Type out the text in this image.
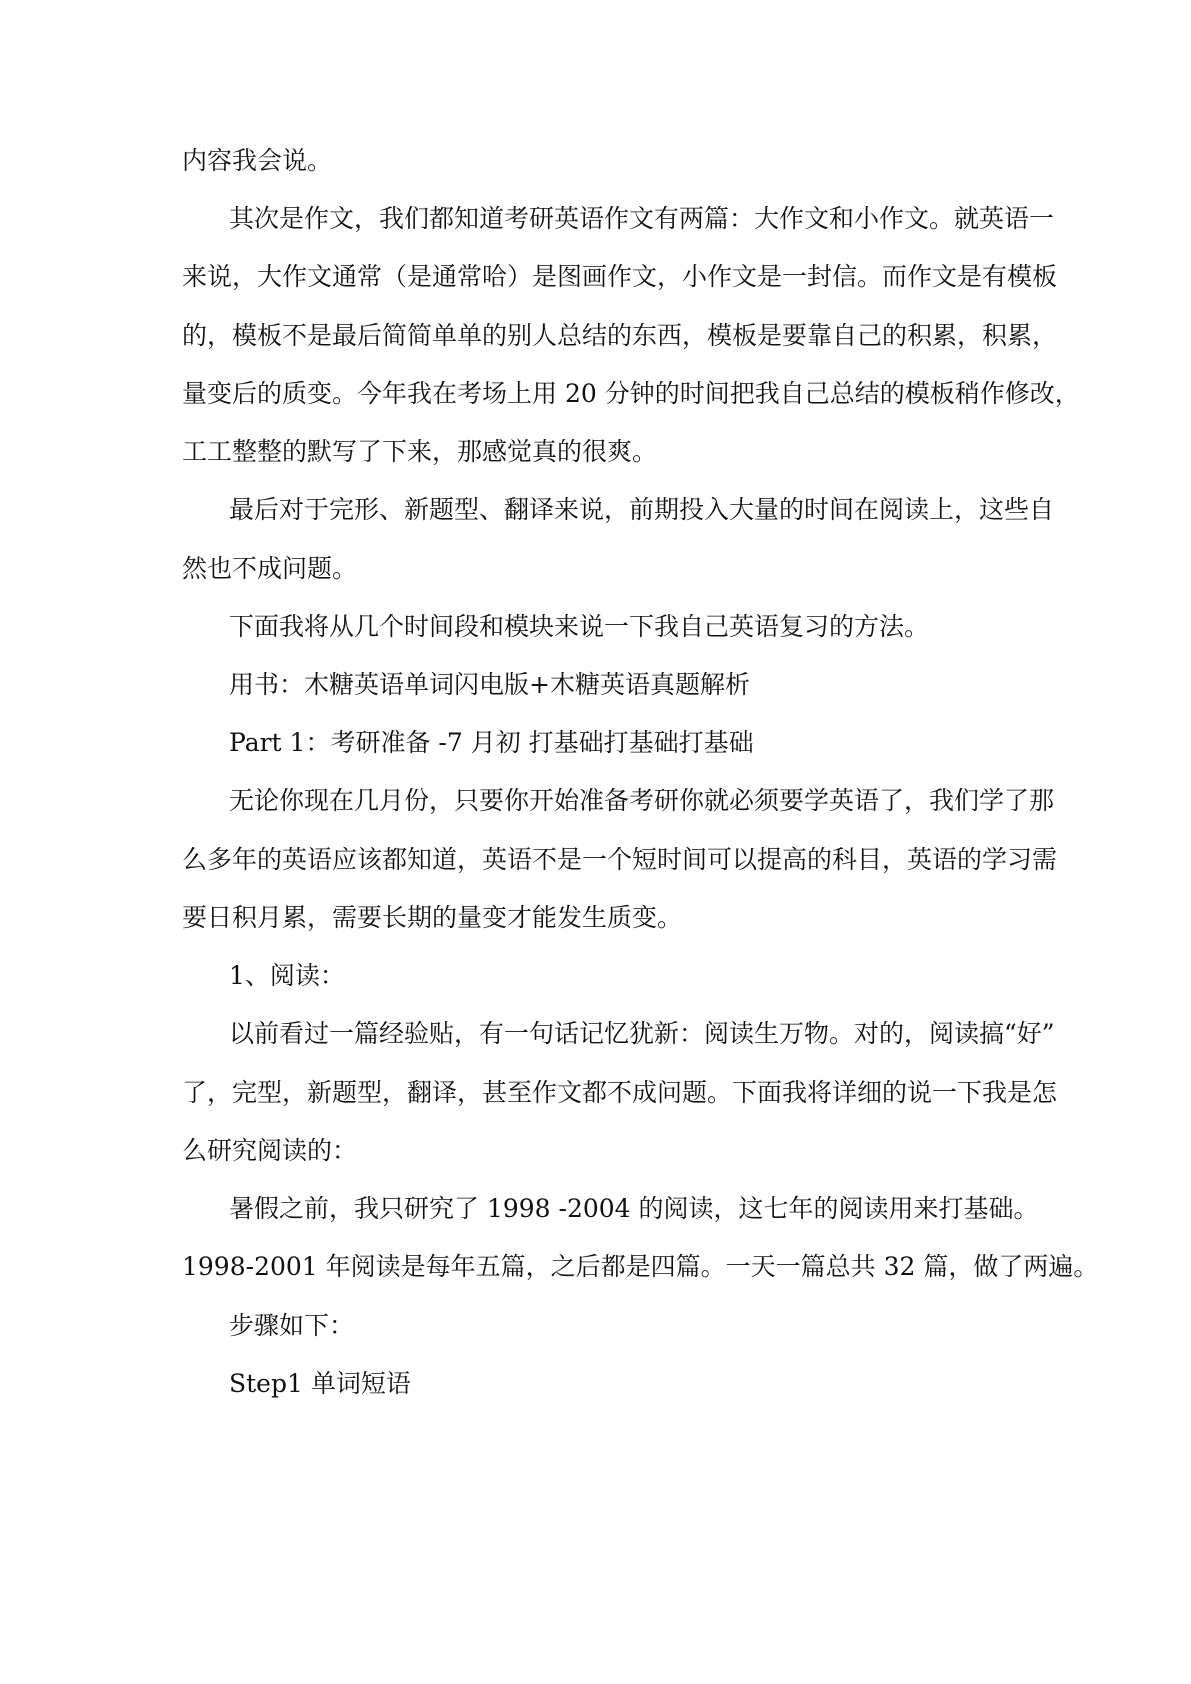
内容我会说。

其次是作文，我们都知道考研英语作文有两篇：大作文和小作文。就英语一

来说，大作文通常（是通常哈）是图画作文，小作文是一封信。而作文是有模板

的，模板不是最后简简单单的别人总结的东西，模板是要靠自己的积累，积累，

量变后的质变。今年我在考场上用 20 分钟的时间把我自己总结的模板稍作修改，

工工整整的默写了下来，那感觉真的很爽。

最后对于完形、新题型、翻译来说，前期投入大量的时间在阅读上，这些自

然也不成问题。

下面我将从几个时间段和模块来说一下我自己英语复习的方法。

用书：木糖英语单词闪电版+木糖英语真题解析

Part 1：考研准备 -7 月初 打基础打基础打基础

无论你现在几月份，只要你开始准备考研你就必须要学英语了，我们学了那

么多年的英语应该都知道，英语不是一个短时间可以提高的科目，英语的学习需

要日积月累，需要长期的量变才能发生质变。

1、阅读：

以前看过一篇经验贴，有一句话记忆犹新：阅读生万物。对的，阅读搞“好”

了，完型，新题型，翻译，甚至作文都不成问题。下面我将详细的说一下我是怎

么研究阅读的：

暑假之前，我只研究了 1998 -2004 的阅读，这七年的阅读用来打基础。

1998-2001 年阅读是每年五篇，之后都是四篇。一天一篇总共 32 篇，做了两遍。

步骤如下：

Step1 单词短语
